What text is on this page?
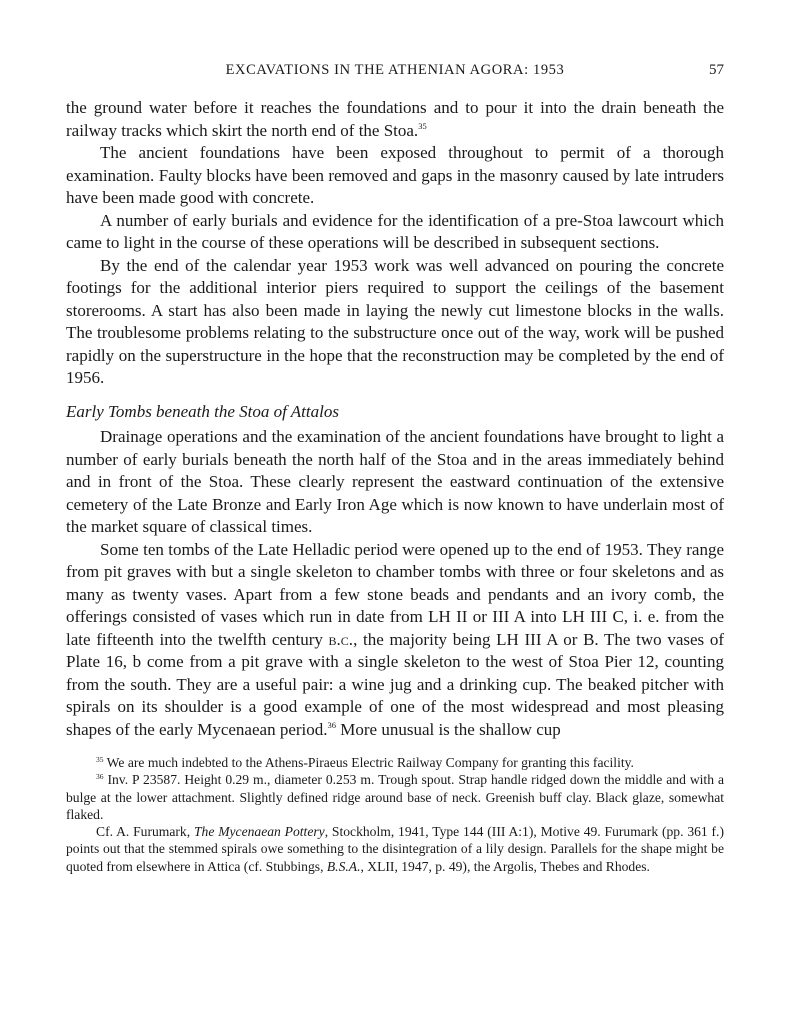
EXCAVATIONS IN THE ATHENIAN AGORA: 1953	57

the ground water before it reaches the foundations and to pour it into the drain beneath the railway tracks which skirt the north end of the Stoa.$^{35}$

The ancient foundations have been exposed throughout to permit of a thorough examination. Faulty blocks have been removed and gaps in the masonry caused by late intruders have been made good with concrete.

A number of early burials and evidence for the identification of a pre-Stoa lawcourt which came to light in the course of these operations will be described in subsequent sections.

By the end of the calendar year 1953 work was well advanced on pouring the concrete footings for the additional interior piers required to support the ceilings of the basement storerooms. A start has also been made in laying the newly cut limestone blocks in the walls. The troublesome problems relating to the substructure once out of the way, work will be pushed rapidly on the superstructure in the hope that the reconstruction may be completed by the end of 1956.

Early Tombs beneath the Stoa of Attalos

Drainage operations and the examination of the ancient foundations have brought to light a number of early burials beneath the north half of the Stoa and in the areas immediately behind and in front of the Stoa. These clearly represent the eastward continuation of the extensive cemetery of the Late Bronze and Early Iron Age which is now known to have underlain most of the market square of classical times.

Some ten tombs of the Late Helladic period were opened up to the end of 1953. They range from pit graves with but a single skeleton to chamber tombs with three or four skeletons and as many as twenty vases. Apart from a few stone beads and pendants and an ivory comb, the offerings consisted of vases which run in date from LH II or III A into LH III C, i. e. from the late fifteenth into the twelfth century b.c., the majority being LH III A or B. The two vases of Plate 16, b come from a pit grave with a single skeleton to the west of Stoa Pier 12, counting from the south. They are a useful pair: a wine jug and a drinking cup. The beaked pitcher with spirals on its shoulder is a good example of one of the most widespread and most pleasing shapes of the early Mycenaean period.$^{36}$ More unusual is the shallow cup

$^{35}$ We are much indebted to the Athens-Piraeus Electric Railway Company for granting this facility.

$^{36}$ Inv. P 23587. Height 0.29 m., diameter 0.253 m. Trough spout. Strap handle ridged down the middle and with a bulge at the lower attachment. Slightly defined ridge around base of neck. Greenish buff clay. Black glaze, somewhat flaked.

Cf. A. Furumark, The Mycenaean Pottery, Stockholm, 1941, Type 144 (III A:1), Motive 49. Furumark (pp. 361 f.) points out that the stemmed spirals owe something to the disintegration of a lily design. Parallels for the shape might be quoted from elsewhere in Attica (cf. Stubbings, B.S.A., XLII, 1947, p. 49), the Argolis, Thebes and Rhodes.
